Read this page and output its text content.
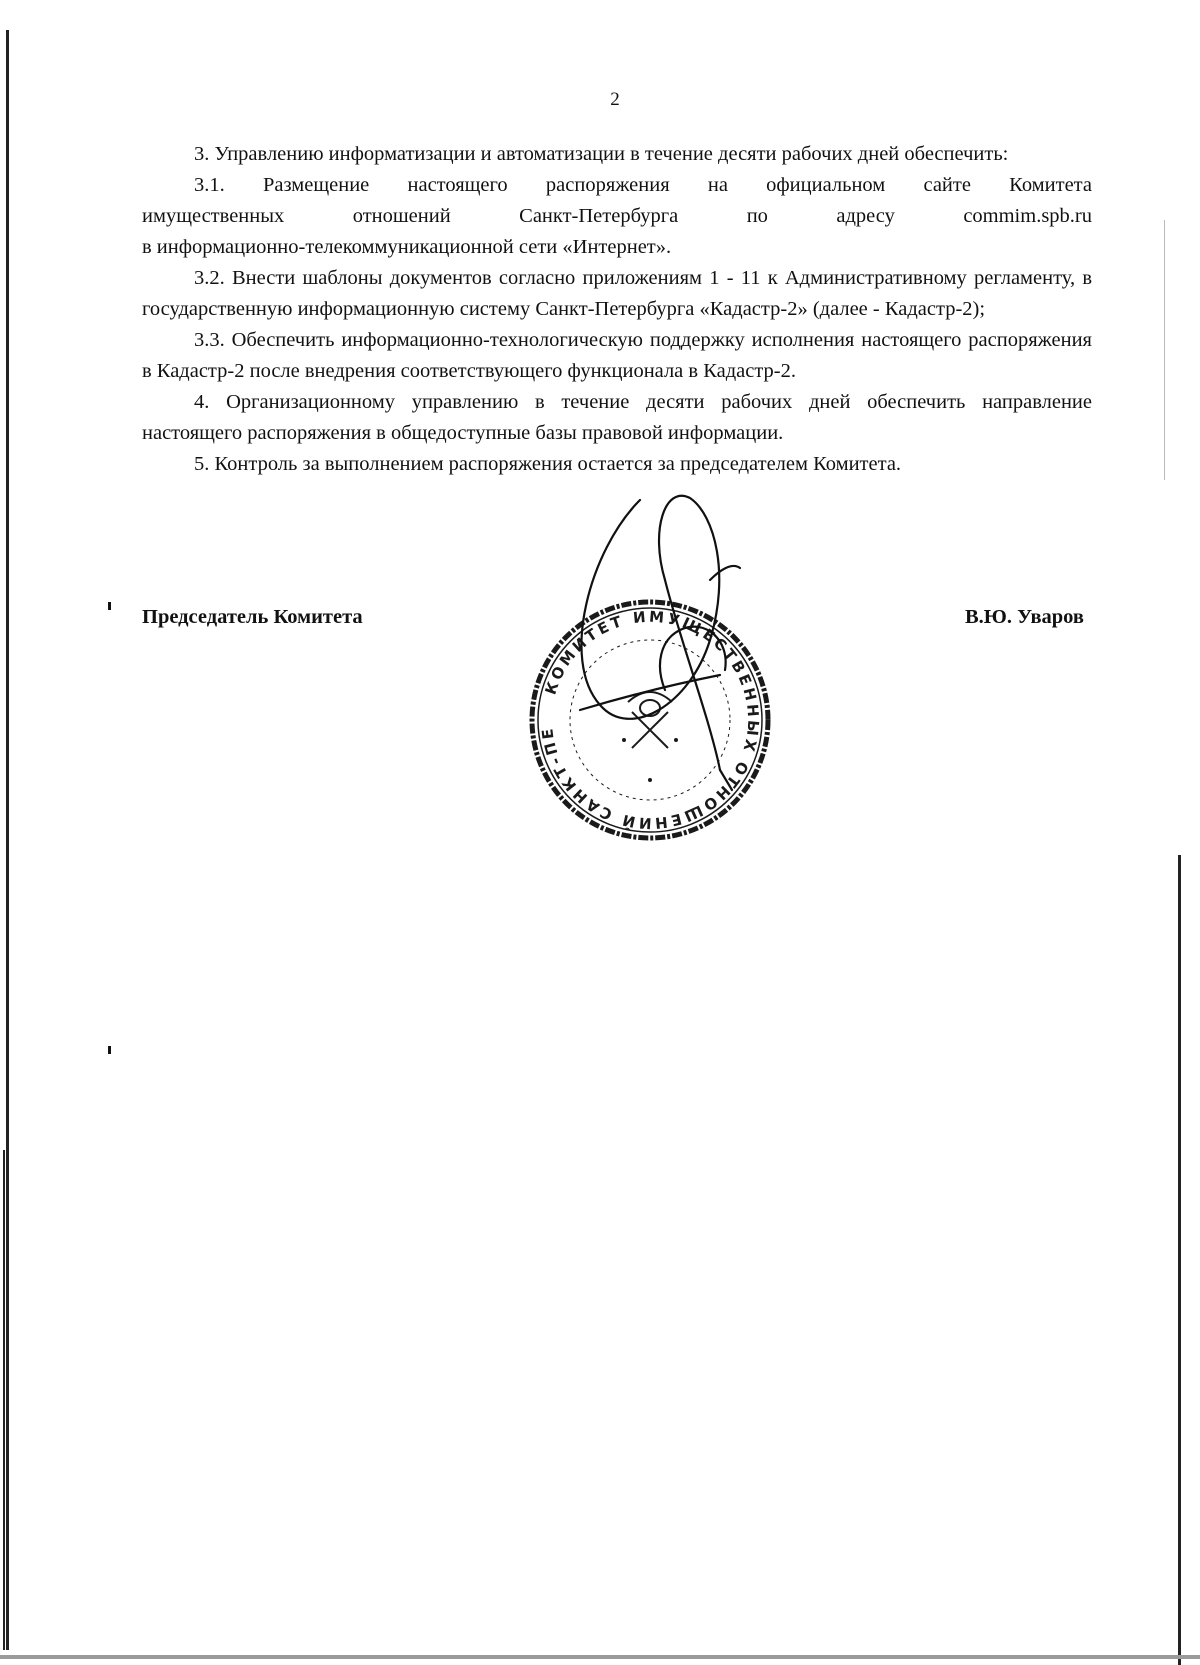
2

3. Управлению информатизации и автоматизации в течение десяти рабочих дней обеспечить:

3.1. Размещение настоящего распоряжения на официальном сайте Комитета

имущественных	отношений	Санкт-Петербурга	по	адресу	commim.spb.ru

в информационно-телекоммуникационной сети «Интернет».

3.2. Внести шаблоны документов согласно приложениям 1 - 11 к Административному регламенту, в государственную информационную систему Санкт-Петербурга «Кадастр-2» (далее - Кадастр-2);

3.3. Обеспечить информационно-технологическую поддержку исполнения настоящего распоряжения в Кадастр-2 после внедрения соответствующего функционала в Кадастр-2.

4. Организационному управлению в течение десяти рабочих дней обеспечить направление настоящего распоряжения в общедоступные базы правовой информации.

5. Контроль за выполнением распоряжения остается за председателем Комитета.

Председатель Комитета	В.Ю. Уваров
КОМИТЕТ ИМУЩЕСТВЕННЫХ ОТНОШЕНИЙ САНКТ-ПЕ
